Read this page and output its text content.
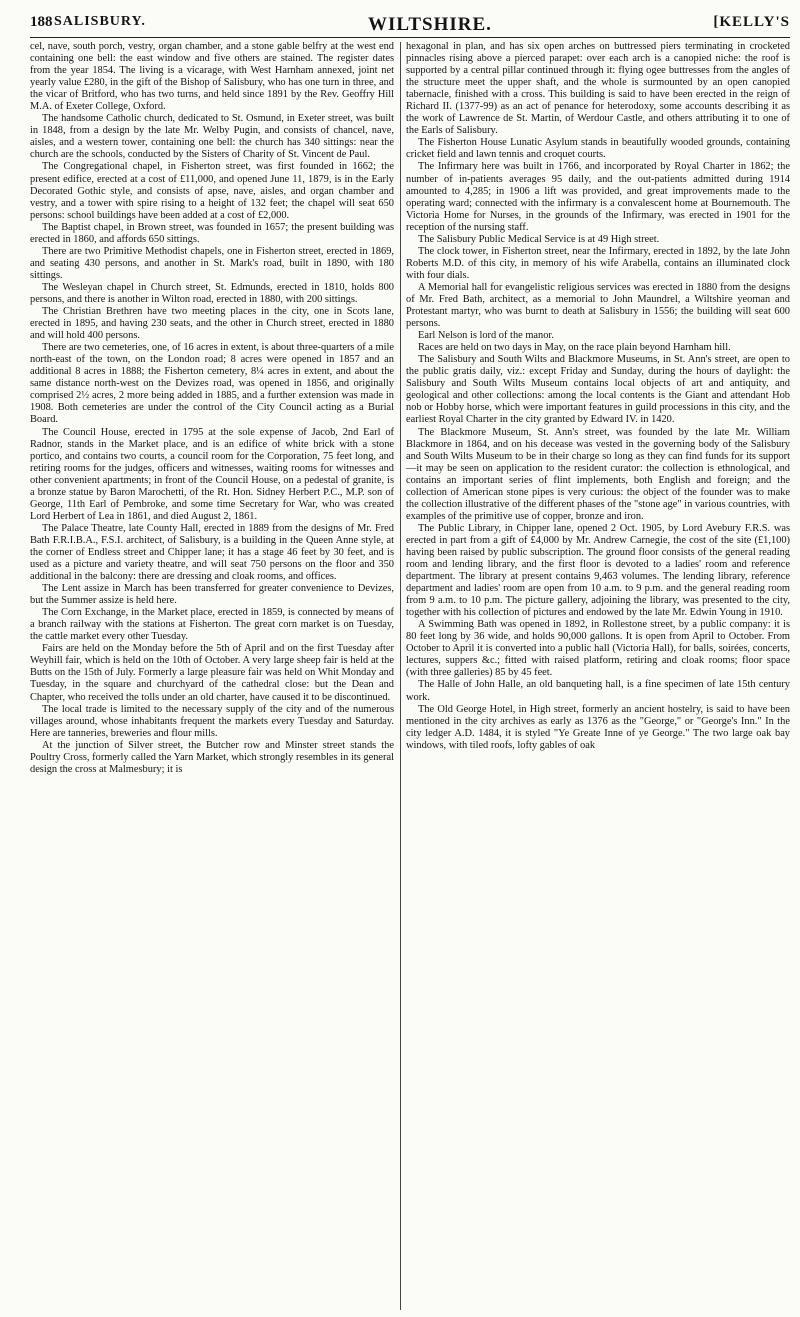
188 SALISBURY.	WILTSHIRE.	[KELLY'S

cel, nave, south porch, vestry, organ chamber, and a stone gable belfry at the west end containing one bell: the east window and five others are stained. The register dates from the year 1854. The living is a vicarage, with West Harnham annexed, joint net yearly value £280, in the gift of the Bishop of Salisbury, who has one turn in three, and the vicar of Britford, who has two turns, and held since 1891 by the Rev. Geoffry Hill M.A. of Exeter College, Oxford.

The handsome Catholic church, dedicated to St. Osmund, in Exeter street, was built in 1848, from a design by the late Mr. Welby Pugin, and consists of chancel, nave, aisles, and a western tower, containing one bell: the church has 340 sittings: near the church are the schools, conducted by the Sisters of Charity of St. Vincent de Paul.

The Congregational chapel, in Fisherton street, was first founded in 1662; the present edifice, erected at a cost of £11,000, and opened June 11, 1879, is in the Early Decorated Gothic style, and consists of apse, nave, aisles, and organ chamber and vestry, and a tower with spire rising to a height of 132 feet; the chapel will seat 650 persons: school buildings have been added at a cost of £2,000.

The Baptist chapel, in Brown street, was founded in 1657; the present building was erected in 1860, and affords 650 sittings.

There are two Primitive Methodist chapels, one in Fisherton street, erected in 1869, and seating 430 persons, and another in St. Mark's road, built in 1890, with 180 sittings.

The Wesleyan chapel in Church street, St. Edmunds, erected in 1810, holds 800 persons, and there is another in Wilton road, erected in 1880, with 200 sittings.

The Christian Brethren have two meeting places in the city, one in Scots lane, erected in 1895, and having 230 seats, and the other in Church street, erected in 1880 and will hold 400 persons.

There are two cemeteries, one, of 16 acres in extent, is about three-quarters of a mile north-east of the town, on the London road; 8 acres were opened in 1857 and an additional 8 acres in 1888; the Fisherton cemetery, 8¼ acres in extent, and about the same distance north-west on the Devizes road, was opened in 1856, and originally comprised 2½ acres, 2 more being added in 1885, and a further extension was made in 1908. Both cemeteries are under the control of the City Council acting as a Burial Board.

The Council House, erected in 1795 at the sole expense of Jacob, 2nd Earl of Radnor, stands in the Market place, and is an edifice of white brick with a stone portico, and contains two courts, a council room for the Corporation, 75 feet long, and retiring rooms for the judges, officers and witnesses, waiting rooms for witnesses and other convenient apartments; in front of the Council House, on a pedestal of granite, is a bronze statue by Baron Marochetti, of the Rt. Hon. Sidney Herbert P.C., M.P. son of George, 11th Earl of Pembroke, and some time Secretary for War, who was created Lord Herbert of Lea in 1861, and died August 2, 1861.

The Palace Theatre, late County Hall, erected in 1889 from the designs of Mr. Fred Bath F.R.I.B.A., F.S.I. architect, of Salisbury, is a building in the Queen Anne style, at the corner of Endless street and Chipper lane; it has a stage 46 feet by 30 feet, and is used as a picture and variety theatre, and will seat 750 persons on the floor and 350 additional in the balcony: there are dressing and cloak rooms, and offices.

The Lent assize in March has been transferred for greater convenience to Devizes, but the Summer assize is held here.

The Corn Exchange, in the Market place, erected in 1859, is connected by means of a branch railway with the stations at Fisherton. The great corn market is on Tuesday, the cattle market every other Tuesday.

Fairs are held on the Monday before the 5th of April and on the first Tuesday after Weyhill fair, which is held on the 10th of October. A very large sheep fair is held at the Butts on the 15th of July. Formerly a large pleasure fair was held on Whit Monday and Tuesday, in the square and churchyard of the cathedral close: but the Dean and Chapter, who received the tolls under an old charter, have caused it to be discontinued.

The local trade is limited to the necessary supply of the city and of the numerous villages around, whose inhabitants frequent the markets every Tuesday and Saturday. Here are tanneries, breweries and flour mills.

At the junction of Silver street, the Butcher row and Minster street stands the Poultry Cross, formerly called the Yarn Market, which strongly resembles in its general design the cross at Malmesbury; it is

hexagonal in plan, and has six open arches on buttressed piers terminating in crocketed pinnacles rising above a pierced parapet: over each arch is a canopied niche: the roof is supported by a central pillar continued through it: flying ogee buttresses from the angles of the structure meet the upper shaft, and the whole is surmounted by an open canopied tabernacle, finished with a cross. This building is said to have been erected in the reign of Richard II. (1377-99) as an act of penance for heterodoxy, some accounts describing it as the work of Lawrence de St. Martin, of Werdour Castle, and others attributing it to one of the Earls of Salisbury.

The Fisherton House Lunatic Asylum stands in beautifully wooded grounds, containing cricket field and lawn tennis and croquet courts.

The Infirmary here was built in 1766, and incorporated by Royal Charter in 1862; the number of in-patients averages 95 daily, and the out-patients admitted during 1914 amounted to 4,285; in 1906 a lift was provided, and great improvements made to the operating ward; connected with the infirmary is a convalescent home at Bournemouth. The Victoria Home for Nurses, in the grounds of the Infirmary, was erected in 1901 for the reception of the nursing staff.

The Salisbury Public Medical Service is at 49 High street.

The clock tower, in Fisherton street, near the Infirmary, erected in 1892, by the late John Roberts M.D. of this city, in memory of his wife Arabella, contains an illuminated clock with four dials.

A Memorial hall for evangelistic religious services was erected in 1880 from the designs of Mr. Fred Bath, architect, as a memorial to John Maundrel, a Wiltshire yeoman and Protestant martyr, who was burnt to death at Salisbury in 1556; the building will seat 600 persons.

Earl Nelson is lord of the manor.

Races are held on two days in May, on the race plain beyond Harnham hill.

The Salisbury and South Wilts and Blackmore Museums, in St. Ann's street, are open to the public gratis daily, viz.: except Friday and Sunday, during the hours of daylight: the Salisbury and South Wilts Museum contains local objects of art and antiquity, and geological and other collections: among the local contents is the Giant and attendant Hob nob or Hobby horse, which were important features in guild processions in this city, and the earliest Royal Charter in the city granted by Edward IV. in 1420.

The Blackmore Museum, St. Ann's street, was founded by the late Mr. William Blackmore in 1864, and on his decease was vested in the governing body of the Salisbury and South Wilts Museum to be in their charge so long as they can find funds for its support—it may be seen on application to the resident curator: the collection is ethnological, and contains an important series of flint implements, both English and foreign; and the collection of American stone pipes is very curious: the object of the founder was to make the collection illustrative of the different phases of the "stone age" in various countries, with examples of the primitive use of copper, bronze and iron.

The Public Library, in Chipper lane, opened 2 Oct. 1905, by Lord Avebury F.R.S. was erected in part from a gift of £4,000 by Mr. Andrew Carnegie, the cost of the site (£1,100) having been raised by public subscription. The ground floor consists of the general reading room and lending library, and the first floor is devoted to a ladies' room and reference department. The library at present contains 9,463 volumes. The lending library, reference department and ladies' room are open from 10 a.m. to 9 p.m. and the general reading room from 9 a.m. to 10 p.m. The picture gallery, adjoining the library, was presented to the city, together with his collection of pictures and endowed by the late Mr. Edwin Young in 1910.

A Swimming Bath was opened in 1892, in Rollestone street, by a public company: it is 80 feet long by 36 wide, and holds 90,000 gallons. It is open from April to October. From October to April it is converted into a public hall (Victoria Hall), for balls, soirées, concerts, lectures, suppers &c.; fitted with raised platform, retiring and cloak rooms; floor space (with three galleries) 85 by 45 feet.

The Halle of John Halle, an old banqueting hall, is a fine specimen of late 15th century work.

The Old George Hotel, in High street, formerly an ancient hostelry, is said to have been mentioned in the city archives as early as 1376 as the "George," or "George's Inn." In the city ledger A.D. 1484, it is styled "Ye Greate Inne of ye George." The two large oak bay windows, with tiled roofs, lofty gables of oak
